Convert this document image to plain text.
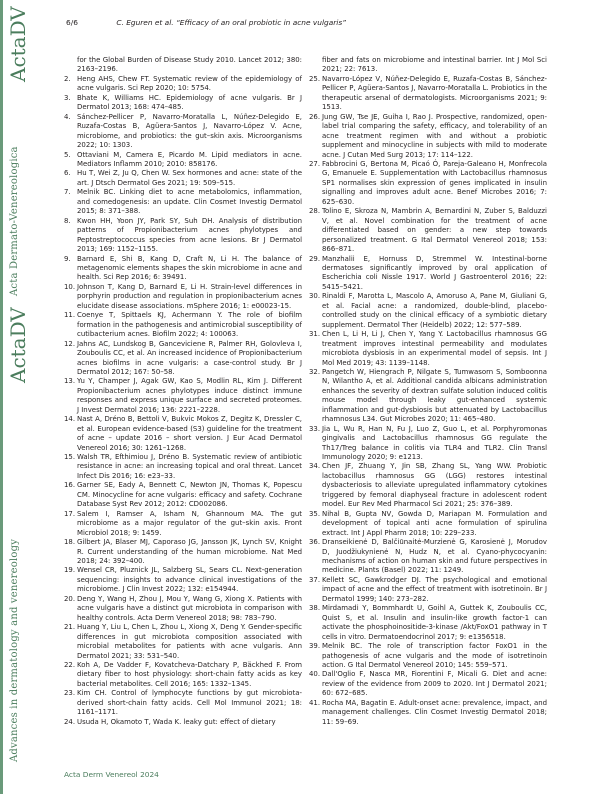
ActaDV
Acta Dermato-Venereologica
ActaDV
Advances in dermatology and venereology
6/6	C. Eguren et al. “Efficacy of an oral probiotic in acne vulgaris”
for the Global Burden of Disease Study 2010. Lancet 2012; 380: 2163–2196.
2. Heng AHS, Chew FT. Systematic review of the epidemiology of acne vulgaris. Sci Rep 2020; 10: 5754.
3. Bhate K, Williams HC. Epidemiology of acne vulgaris. Br J Dermatol 2013; 168: 474–485.
4. Sánchez-Pellicer P, Navarro-Moratalla L, Núñez-Delegido E, Ruzafa-Costas B, Agüera-Santos J, Navarro-López V. Acne, microbiome, and probiotics: the gut–skin axis. Microorganisms 2022; 10: 1303.
5. Ottaviani M, Camera E, Picardo M. Lipid mediators in acne. Mediators Inflamm 2010; 2010: 858176.
6. Hu T, Wei Z, Ju Q, Chen W. Sex hormones and acne: state of the art. J Dtsch Dermatol Ges 2021; 19: 509–515.
7. Melnik BC. Linking diet to acne metabolomics, inflammation, and comedogenesis: an update. Clin Cosmet Investig Dermatol 2015; 8: 371–388.
8. Kwon HH, Yoon JY, Park SY, Suh DH. Analysis of distribution patterns of Propionibacterium acnes phylotypes and Peptostreptococcus species from acne lesions. Br J Dermatol 2013; 169: 1152–1155.
9. Barnard E, Shi B, Kang D, Craft N, Li H. The balance of metagenomic elements shapes the skin microbiome in acne and health. Sci Rep 2016; 6: 39491.
10. Johnson T, Kang D, Barnard E, Li H. Strain-level differences in porphyrin production and regulation in propionibacterium acnes elucidate disease associations. mSphere 2016; 1: e00023-15.
11. Coenye T, Spittaels KJ, Achermann Y. The role of biofilm formation in the pathogenesis and antimicrobial susceptibility of cutibacterium acnes. Biofilm 2022; 4: 100063.
12. Jahns AC, Lundskog B, Ganceviciene R, Palmer RH, Golovleva I, Zouboulis CC, et al. An increased incidence of Propionibacterium acnes biofilms in acne vulgaris: a case-control study. Br J Dermatol 2012; 167: 50–58.
13. Yu Y, Champer J, Agak GW, Kao S, Modlin RL, Kim J. Different Propionibacterium acnes phylotypes induce distinct immune responses and express unique surface and secreted proteomes. J Invest Dermatol 2016; 136: 2221–2228.
14. Nast A, Dréno B, Bettoli V, Bukvic Mokos Z, Degitz K, Dressler C, et al. European evidence-based (S3) guideline for the treatment of acne – update 2016 – short version. J Eur Acad Dermatol Venereol 2016; 30: 1261–1268.
15. Walsh TR, Efthimiou J, Dréno B. Systematic review of antibiotic resistance in acne: an increasing topical and oral threat. Lancet Infect Dis 2016; 16: e23–33.
16. Garner SE, Eady A, Bennett C, Newton JN, Thomas K, Popescu CM. Minocycline for acne vulgaris: efficacy and safety. Cochrane Database Syst Rev 2012; 2012: CD002086.
17. Salem I, Ramser A, Isham N, Ghannoum MA. The gut microbiome as a major regulator of the gut–skin axis. Front Microbiol 2018; 9: 1459.
18. Gilbert JA, Blaser MJ, Caporaso JG, Jansson JK, Lynch SV, Knight R. Current understanding of the human microbiome. Nat Med 2018; 24: 392–400.
19. Wensel CR, Pluznick JL, Salzberg SL, Sears CL. Next-generation sequencing: insights to advance clinical investigations of the microbiome. J Clin Invest 2022; 132: e154944.
20. Deng Y, Wang H, Zhou J, Mou Y, Wang G, Xiong X. Patients with acne vulgaris have a distinct gut microbiota in comparison with healthy controls. Acta Derm Venereol 2018; 98: 783–790.
21. Huang Y, Liu L, Chen L, Zhou L, Xiong X, Deng Y. Gender-specific differences in gut microbiota composition associated with microbial metabolites for patients with acne vulgaris. Ann Dermatol 2021; 33: 531–540.
22. Koh A, De Vadder F, Kovatcheva-Datchary P, Bäckhed F. From dietary fiber to host physiology: short-chain fatty acids as key bacterial metabolites. Cell 2016; 165: 1332–1345.
23. Kim CH. Control of lymphocyte functions by gut microbiota-derived short-chain fatty acids. Cell Mol Immunol 2021; 18: 1161–1171.
24. Usuda H, Okamoto T, Wada K. leaky gut: effect of dietary
fiber and fats on microbiome and intestinal barrier. Int J Mol Sci 2021; 22: 7613.
25. Navarro-López V, Núñez-Delegido E, Ruzafa-Costas B, Sánchez-Pellicer P, Agüera-Santos J, Navarro-Moratalla L. Probiotics in the therapeutic arsenal of dermatologists. Microorganisms 2021; 9: 1513.
26. Jung GW, Tse JE, Guiha I, Rao J. Prospective, randomized, open-label trial comparing the safety, efficacy, and tolerability of an acne treatment regimen with and without a probiotic supplement and minocycline in subjects with mild to moderate acne. J Cutan Med Surg 2013; 17: 114–122.
27. Fabbrocini G, Bertona M, Picaó Ó, Pareja-Galeano H, Monfrecola G, Emanuele E. Supplementation with Lactobacillus rhamnosus SP1 normalises skin expression of genes implicated in insulin signalling and improves adult acne. Benef Microbes 2016; 7: 625–630.
28. Tolino E, Skroza N, Mambrin A, Bernardini N, Zuber S, Balduzzi V, et al. Novel combination for the treatment of acne differentiated based on gender: a new step towards personalized treatment. G Ital Dermatol Venereol 2018; 153: 866–871.
29. Manzhalii E, Hornuss D, Stremmel W. Intestinal-borne dermatoses significantly improved by oral application of Escherichia coli Nissle 1917. World J Gastroenterol 2016; 22: 5415–5421.
30. Rinaldi F, Marotta L, Mascolo A, Amoruso A, Pane M, Giuliani G, et al. Facial acne: a randomized, double-blind, placebo-controlled study on the clinical efficacy of a symbiotic dietary supplement. Dermatol Ther (Heidelb) 2022; 12: 577–589.
31. Chen L, Li H, Li J, Chen Y, Yang Y. Lactobacillus rhamnosus GG treatment improves intestinal permeability and modulates microbiota dysbiosis in an experimental model of sepsis. Int J Mol Med 2019; 43: 1139–1148.
32. Pangetch W, Hiengrach P, Nilgate S, Tumwasorn S, Somboonna N, Wilantho A, et al. Additional candida albicans administration enhances the severity of dextran sulfate solution induced colitis mouse model through leaky gut-enhanced systemic inflammation and gut-dysbiosis but attenuated by Lactobacillus rhamnosus L34. Gut Microbes 2020; 11: 465–480.
33. Jia L, Wu R, Han N, Fu J, Luo Z, Guo L, et al. Porphyromonas gingivalis and Lactobacillus rhamnosus GG regulate the Th17/Treg balance in colitis via TLR4 and TLR2. Clin Transl Immunology 2020; 9: e1213.
34. Chen JF, Zhuang Y, Jin SB, Zhang SL, Yang WW. Probiotic lactobacillus rhamnosus GG (LGG) restores intestinal dysbacteriosis to alleviate upregulated inflammatory cytokines triggered by femoral diaphyseal fracture in adolescent rodent model. Eur Rev Med Pharmacol Sci 2021; 25: 376–389.
35. Nihal B, Gupta NV, Gowda D, Mariapan M. Formulation and development of topical anti acne formulation of spirulina extract. Int J Appl Pharm 2018; 10: 229–233.
36. Dranseikienė D, Balčiūnaitė-Murzienė G, Karosienė J, Morudov D, Juodžiukynienė N, Hudz N, et al. Cyano-phycocyanin: mechanisms of action on human skin and future perspectives in medicine. Plants (Basel) 2022; 11: 1249.
37. Kellett SC, Gawkrodger DJ. The psychological and emotional impact of acne and the effect of treatment with isotretinoin. Br J Dermatol 1999; 140: 273–282.
38. Mirdamadi Y, Bommhardt U, Goihl A, Guttek K, Zouboulis CC, Quist S, et al. Insulin and insulin-like growth factor-1 can activate the phosphoinositide-3-kinase /Akt/FoxO1 pathway in T cells in vitro. Dermatoendocrinol 2017; 9: e1356518.
39. Melnik BC. The role of transcription factor FoxO1 in the pathogenesis of acne vulgaris and the mode of isotretinoin action. G Ital Dermatol Venereol 2010; 145: 559–571.
40. Dall'Oglio F, Nasca MR, Fiorentini F, Micali G. Diet and acne: review of the evidence from 2009 to 2020. Int J Dermatol 2021; 60: 672–685.
41. Rocha MA, Bagatin E. Adult-onset acne: prevalence, impact, and management challenges. Clin Cosmet Investig Dermatol 2018; 11: 59–69.
Acta Derm Venereol 2024
